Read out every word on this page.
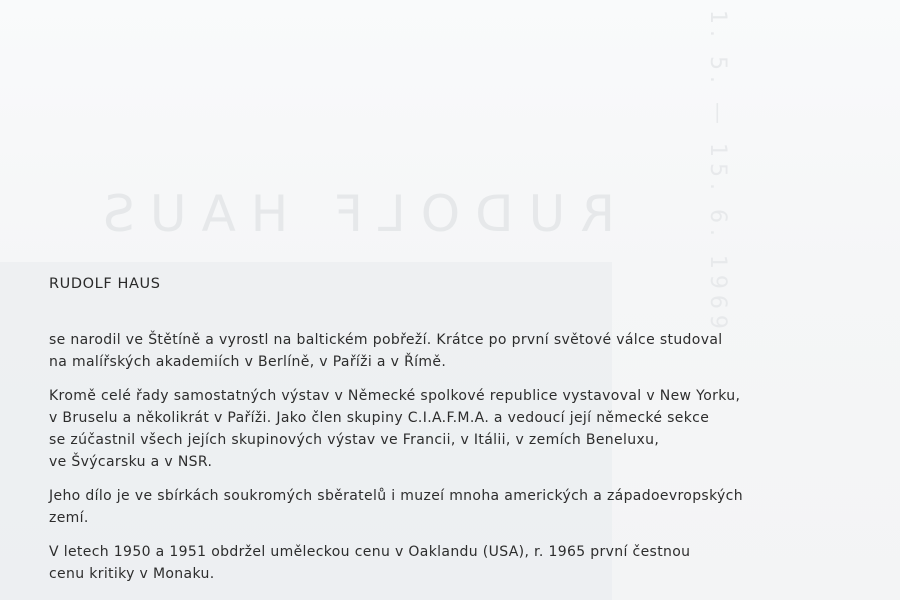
RUDOLF HAUS	1. 5. — 15. 6. 1969
RUDOLF HAUS

se narodil ve Štětíně a vyrostl na baltickém pobřeží. Krátce po první světové válce studoval
na malířských akademiích v Berlíně, v Paříži a v Římě.

Kromě celé řady samostatných výstav v Německé spolkové republice vystavoval v New Yorku,
v Bruselu a několikrát v Paříži. Jako člen skupiny C.I.A.F.M.A. a vedoucí její německé sekce
se zúčastnil všech jejích skupinových výstav ve Francii, v Itálii, v zemích Beneluxu,
ve Švýcarsku a v NSR.

Jeho dílo je ve sbírkách soukromých sběratelů i muzeí mnoha amerických a západoevropských
zemí.

V letech 1950 a 1951 obdržel uměleckou cenu v Oaklandu (USA), r. 1965 první čestnou
cenu kritiky v Monaku.
